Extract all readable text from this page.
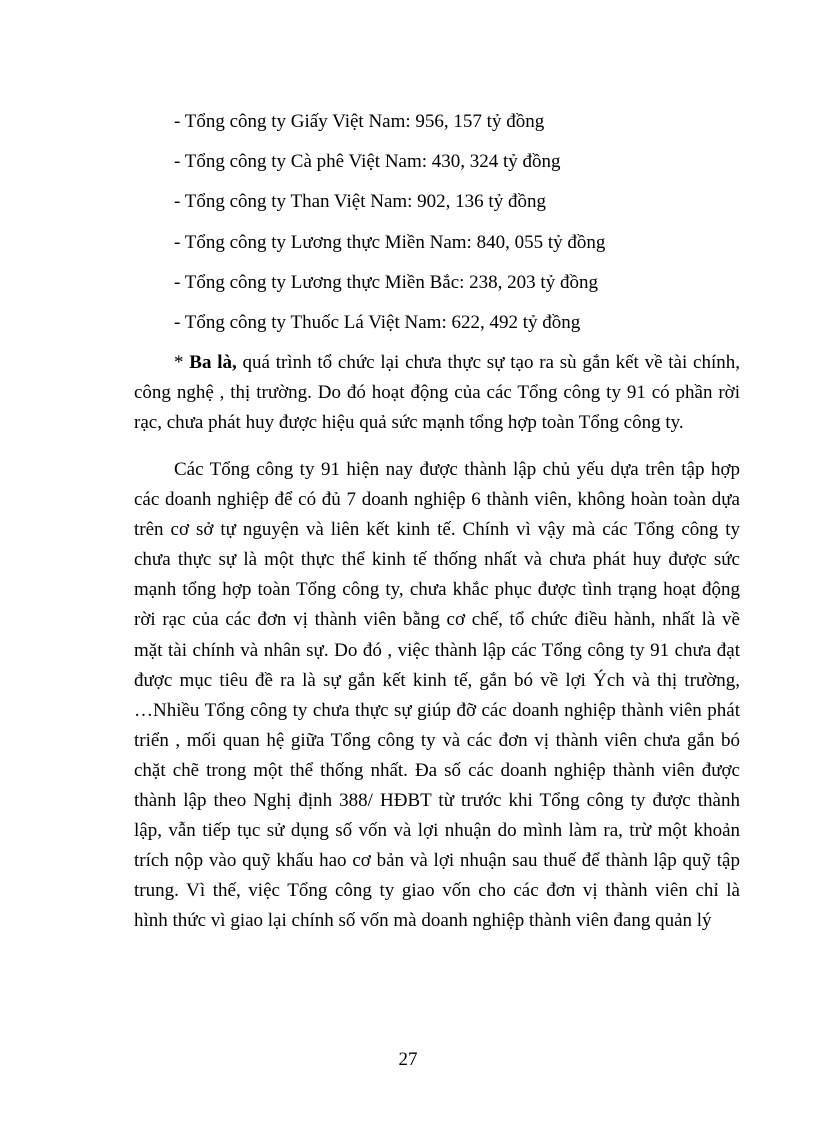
- Tổng công ty Giấy Việt Nam: 956, 157 tỷ đồng
- Tổng công ty Cà phê Việt Nam: 430, 324 tỷ đồng
- Tổng công ty Than Việt Nam: 902, 136 tỷ đồng
- Tổng công ty Lương thực Miền Nam: 840, 055 tỷ đồng
- Tổng công ty Lương thực Miền Bắc: 238, 203 tỷ đồng
- Tổng công ty Thuốc Lá Việt Nam: 622, 492 tỷ đồng
* Ba là, quá trình tổ chức lại chưa thực sự tạo ra sù gắn kết về tài chính,
công nghệ , thị trường. Do đó hoạt động của các Tổng công ty 91 có phần rời
rạc, chưa phát huy được hiệu quả sức mạnh tổng hợp toàn Tổng công ty.
Các Tổng công ty 91 hiện nay được thành lập chủ yếu dựa trên tập hợp
các doanh nghiệp để có đủ 7 doanh nghiệp 6 thành viên, không hoàn toàn dựa
trên cơ sở tự nguyện và liên kết kinh tế. Chính vì vậy mà các Tổng công ty
chưa thực sự là một thực thể kinh tế thống nhất và chưa phát huy được sức
mạnh tổng hợp toàn Tổng công ty, chưa khắc phục được tình trạng hoạt động
rời rạc của các đơn vị thành viên bằng cơ chế, tổ chức điều hành, nhất là về
mặt tài chính và nhân sự. Do đó , việc thành lập các Tổng công ty 91 chưa đạt
được mục tiêu đề ra là sự gắn kết kinh tế, gắn bó về lợi Ých và thị trường,
…Nhiều Tổng công ty chưa thực sự giúp đỡ các doanh nghiệp thành viên phát
triển , mối quan hệ giữa Tổng công ty và các đơn vị thành viên chưa gắn bó
chặt chẽ trong một thể thống nhất. Đa số các doanh nghiệp thành viên được
thành lập theo Nghị định 388/ HĐBT từ trước khi Tổng công ty được thành
lập, vẫn tiếp tục sử dụng số vốn và lợi nhuận do mình làm ra, trừ một khoản
trích nộp vào quỹ khấu hao cơ bản và lợi nhuận sau thuế để thành lập quỹ tập
trung. Vì thế, việc Tổng công ty giao vốn cho các đơn vị thành viên chỉ là
hình thức vì giao lại chính số vốn mà doanh nghiệp thành viên đang quản lý
27
